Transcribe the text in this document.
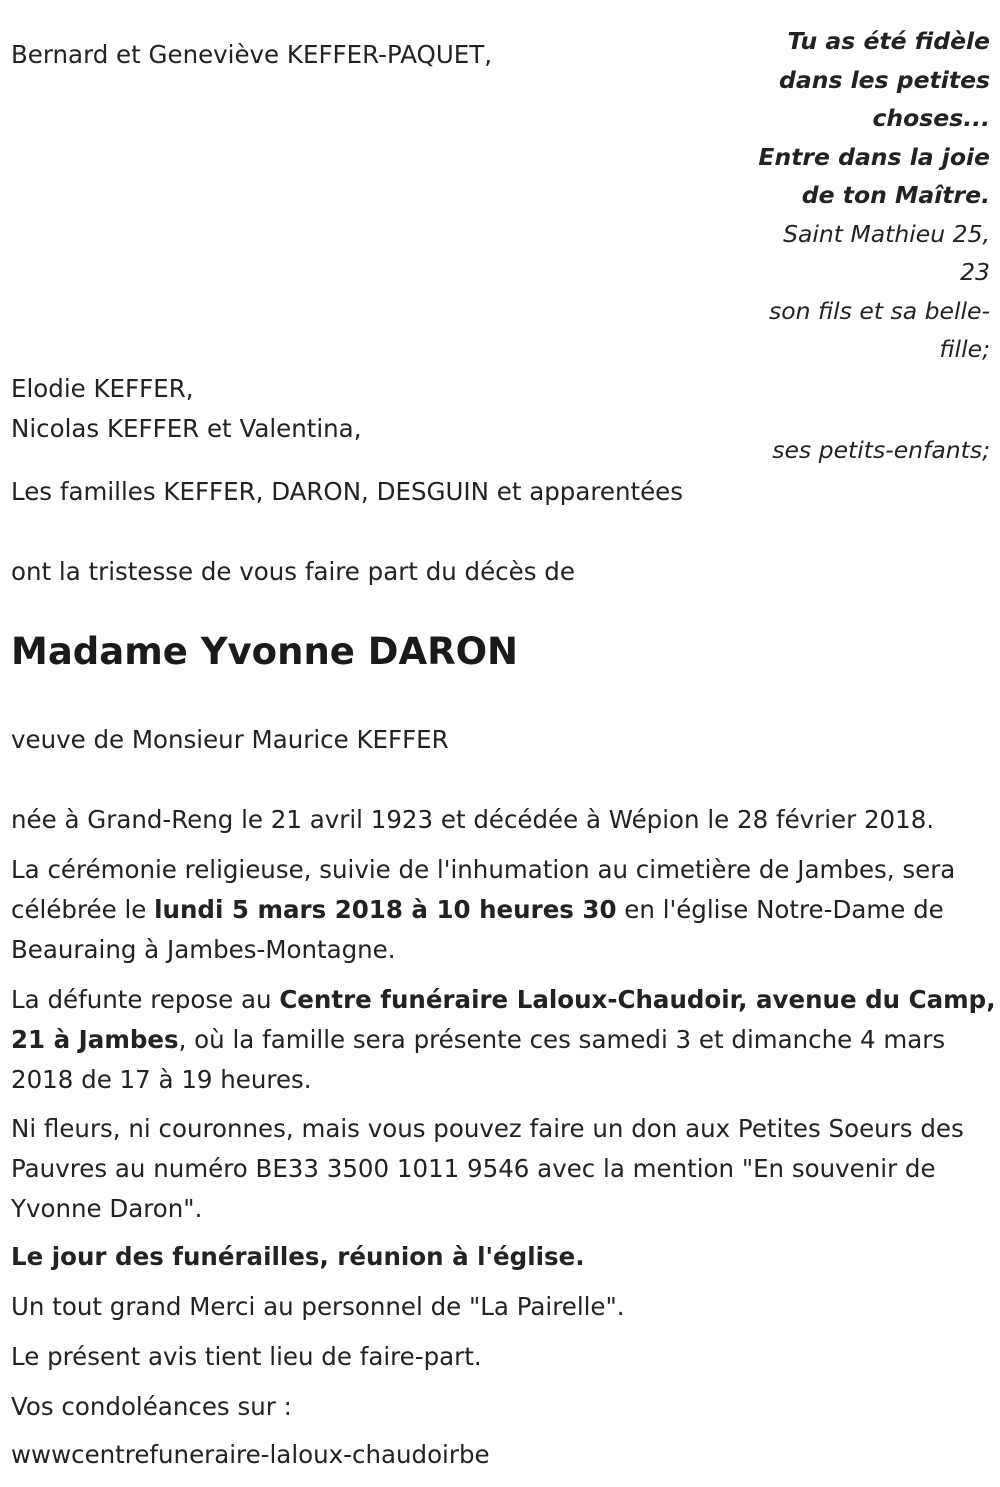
Tu as été fidèle
dans les petites
choses...
Entre dans la joie
de ton Maître.
Saint Mathieu 25,
23
son fils et sa belle-
fille;
ses petits-enfants;
Bernard et Geneviève KEFFER-PAQUET,
Elodie KEFFER,
Nicolas KEFFER et Valentina,
Les familles KEFFER, DARON, DESGUIN et apparentées
ont la tristesse de vous faire part du décès de
Madame Yvonne DARON
veuve de Monsieur Maurice KEFFER
née à Grand-Reng le 21 avril 1923 et décédée à Wépion le 28 février 2018.
La cérémonie religieuse, suivie de l'inhumation au cimetière de Jambes, sera célébrée le lundi 5 mars 2018 à 10 heures 30 en l'église Notre-Dame de Beauraing à Jambes-Montagne.
La défunte repose au Centre funéraire Laloux-Chaudoir, avenue du Camp, 21 à Jambes, où la famille sera présente ces samedi 3 et dimanche 4 mars 2018 de 17 à 19 heures.
Ni fleurs, ni couronnes, mais vous pouvez faire un don aux Petites Soeurs des Pauvres au numéro BE33 3500 1011 9546 avec la mention "En souvenir de Yvonne Daron".
Le jour des funérailles, réunion à l'église.
Un tout grand Merci au personnel de "La Pairelle".
Le présent avis tient lieu de faire-part.
Vos condoléances sur :
wwwcentrefuneraire-laloux-chaudoirbe
